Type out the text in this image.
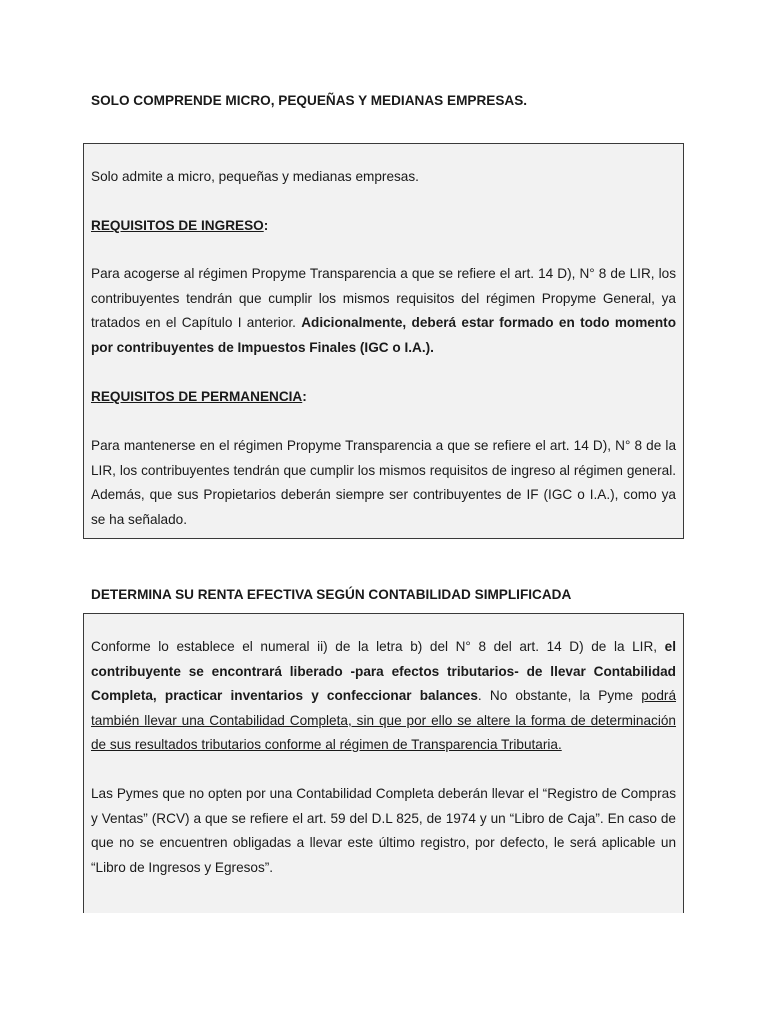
SOLO COMPRENDE MICRO, PEQUEÑAS Y MEDIANAS EMPRESAS.

Solo admite a micro, pequeñas y medianas empresas.

REQUISITOS DE INGRESO:

Para acogerse al régimen Propyme Transparencia a que se refiere el art. 14 D), N° 8 de LIR, los contribuyentes tendrán que cumplir los mismos requisitos del régimen Propyme General, ya tratados en el Capítulo I anterior. Adicionalmente, deberá estar formado en todo momento por contribuyentes de Impuestos Finales (IGC o I.A.).

REQUISITOS DE PERMANENCIA:

Para mantenerse en el régimen Propyme Transparencia a que se refiere el art. 14 D), N° 8 de la LIR, los contribuyentes tendrán que cumplir los mismos requisitos de ingreso al régimen general. Además, que sus Propietarios deberán siempre ser contribuyentes de IF (IGC o I.A.), como ya se ha señalado.

DETERMINA SU RENTA EFECTIVA SEGÚN CONTABILIDAD SIMPLIFICADA

Conforme lo establece el numeral ii) de la letra b) del N° 8 del art. 14 D) de la LIR, el contribuyente se encontrará liberado -para efectos tributarios- de llevar Contabilidad Completa, practicar inventarios y confeccionar balances. No obstante, la Pyme podrá también llevar una Contabilidad Completa, sin que por ello se altere la forma de determinación de sus resultados tributarios conforme al régimen de Transparencia Tributaria.

Las Pymes que no opten por una Contabilidad Completa deberán llevar el “Registro de Compras y Ventas” (RCV) a que se refiere el art. 59 del D.L 825, de 1974 y un “Libro de Caja”. En caso de que no se encuentren obligadas a llevar este último registro, por defecto, le será aplicable un “Libro de Ingresos y Egresos”.
